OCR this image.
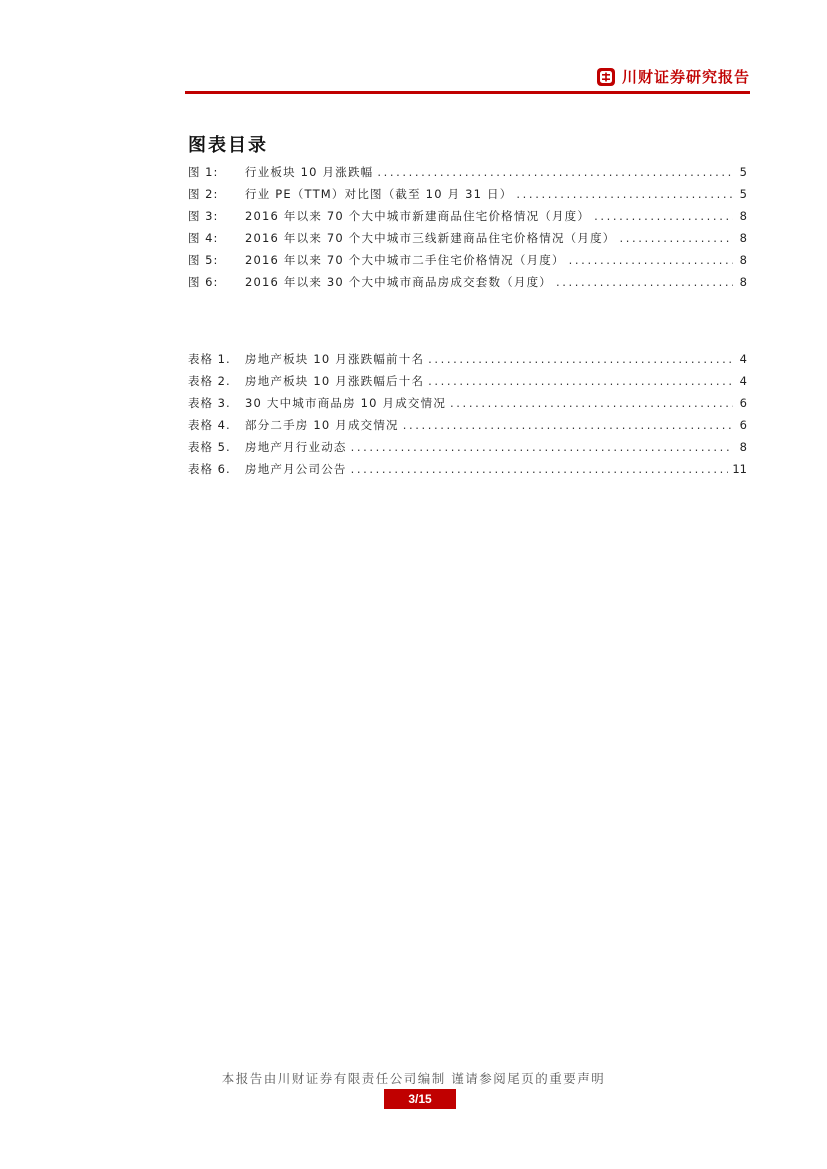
川财证券研究报告
图表目录
图 1:	行业板块 10 月涨跌幅 .....	5
图 2:	行业 PE（TTM）对比图（截至 10 月 31 日） .....	5
图 3:	2016 年以来 70 个大中城市新建商品住宅价格情况（月度） .....	8
图 4:	2016 年以来 70 个大中城市三线新建商品住宅价格情况（月度） .....	8
图 5:	2016 年以来 70 个大中城市二手住宅价格情况（月度） .....	8
图 6:	2016 年以来 30 个大中城市商品房成交套数（月度） .....	8
表格 1.	房地产板块 10 月涨跌幅前十名 .....	4
表格 2.	房地产板块 10 月涨跌幅后十名 .....	4
表格 3.	30 大中城市商品房 10 月成交情况 .....	6
表格 4.	部分二手房 10 月成交情况 .....	6
表格 5.	房地产月行业动态 .....	8
表格 6.	房地产月公司公告 .....	11
本报告由川财证券有限责任公司编制 谨请参阅尾页的重要声明
3/15
